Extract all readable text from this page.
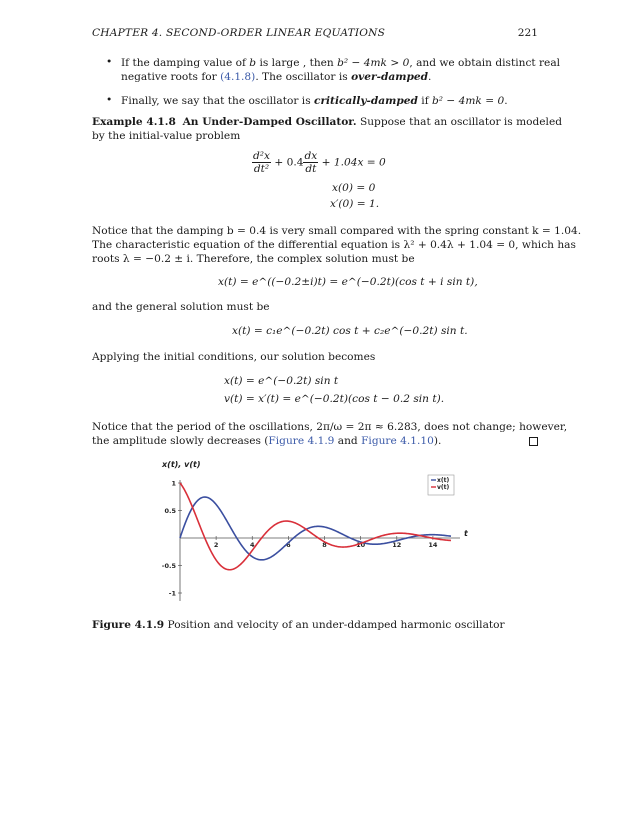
CHAPTER 4. SECOND-ORDER LINEAR EQUATIONS	221
• If the damping value of b is large , then b² − 4mk > 0, and we obtain distinct real
negative roots for (4.1.8). The oscillator is over-damped.
• Finally, we say that the oscillator is critically-damped if b² − 4mk = 0.
Example 4.1.8 An Under-Damped Oscillator. Suppose that an oscillator is modeled
by the initial-value problem
$\frac{\text{d²x}}{\text{dt²}} + 0.4 \frac{dx}{dt} + 1.04x = 0$
x(0) = 0
x′(0) = 1.
Notice that the damping b = 0.4 is very small compared with the spring constant k = 1.04.
The characteristic equation of the differential equation is λ² + 0.4λ + 1.04 = 0, which has
roots λ = −0.2 ± i. Therefore, the complex solution must be
x(t) = e^((−0.2±i)t) = e^(−0.2t)(cos t + i sin t),
and the general solution must be
x(t) = c₁e^(−0.2t) cos t + c₂e^(−0.2t) sin t.
Applying the initial conditions, our solution becomes
x(t) = e^(−0.2t) sin t
v(t) = x′(t) = e^(−0.2t)(cos t − 0.2 sin t).
Notice that the period of the oscillations, 2π/ω = 2π ≈ 6.283, does not change; however,
the amplitude slowly decreases (Figure 4.1.9 and Figure 4.1.10).
x(t), v(t)
t
2	4	6	8	10	12	14
-1
-0.5
0.5
1	x(t)
v(t)
Figure 4.1.9 Position and velocity of an under-ddamped harmonic oscillator
